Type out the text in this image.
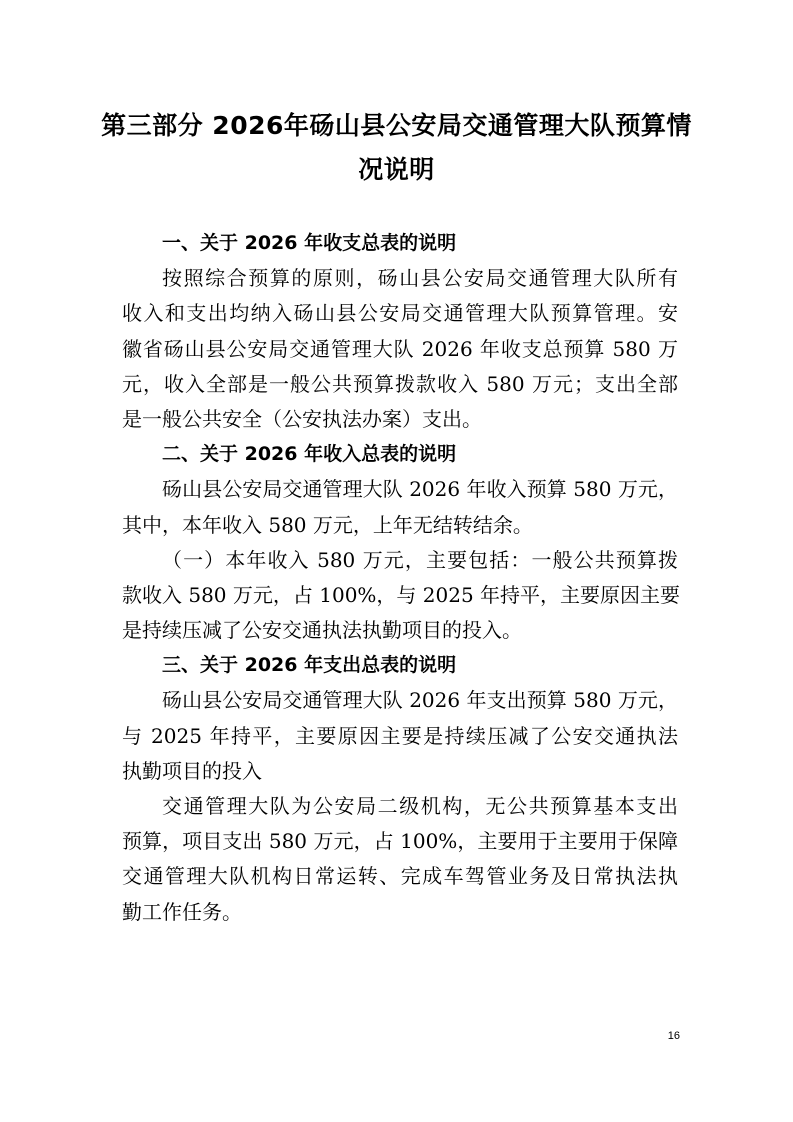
第三部分 2026年砀山县公安局交通管理大队预算情
况说明
一、关于 2026 年收支总表的说明
按照综合预算的原则，砀山县公安局交通管理大队所有
收入和支出均纳入砀山县公安局交通管理大队预算管理。安
徽省砀山县公安局交通管理大队 2026 年收支总预算 580 万
元，收入全部是一般公共预算拨款收入 580 万元；支出全部
是一般公共安全（公安执法办案）支出。
二、关于 2026 年收入总表的说明
砀山县公安局交通管理大队 2026 年收入预算 580 万元，
其中，本年收入 580 万元，上年无结转结余。
（一）本年收入 580 万元，主要包括：一般公共预算拨
款收入 580 万元，占 100%，与 2025 年持平，主要原因主要
是持续压减了公安交通执法执勤项目的投入。
三、关于 2026 年支出总表的说明
砀山县公安局交通管理大队 2026 年支出预算 580 万元，
与 2025 年持平，主要原因主要是持续压减了公安交通执法
执勤项目的投入
交通管理大队为公安局二级机构，无公共预算基本支出
预算，项目支出 580 万元，占 100%，主要用于主要用于保障
交通管理大队机构日常运转、完成车驾管业务及日常执法执
勤工作任务。
16
